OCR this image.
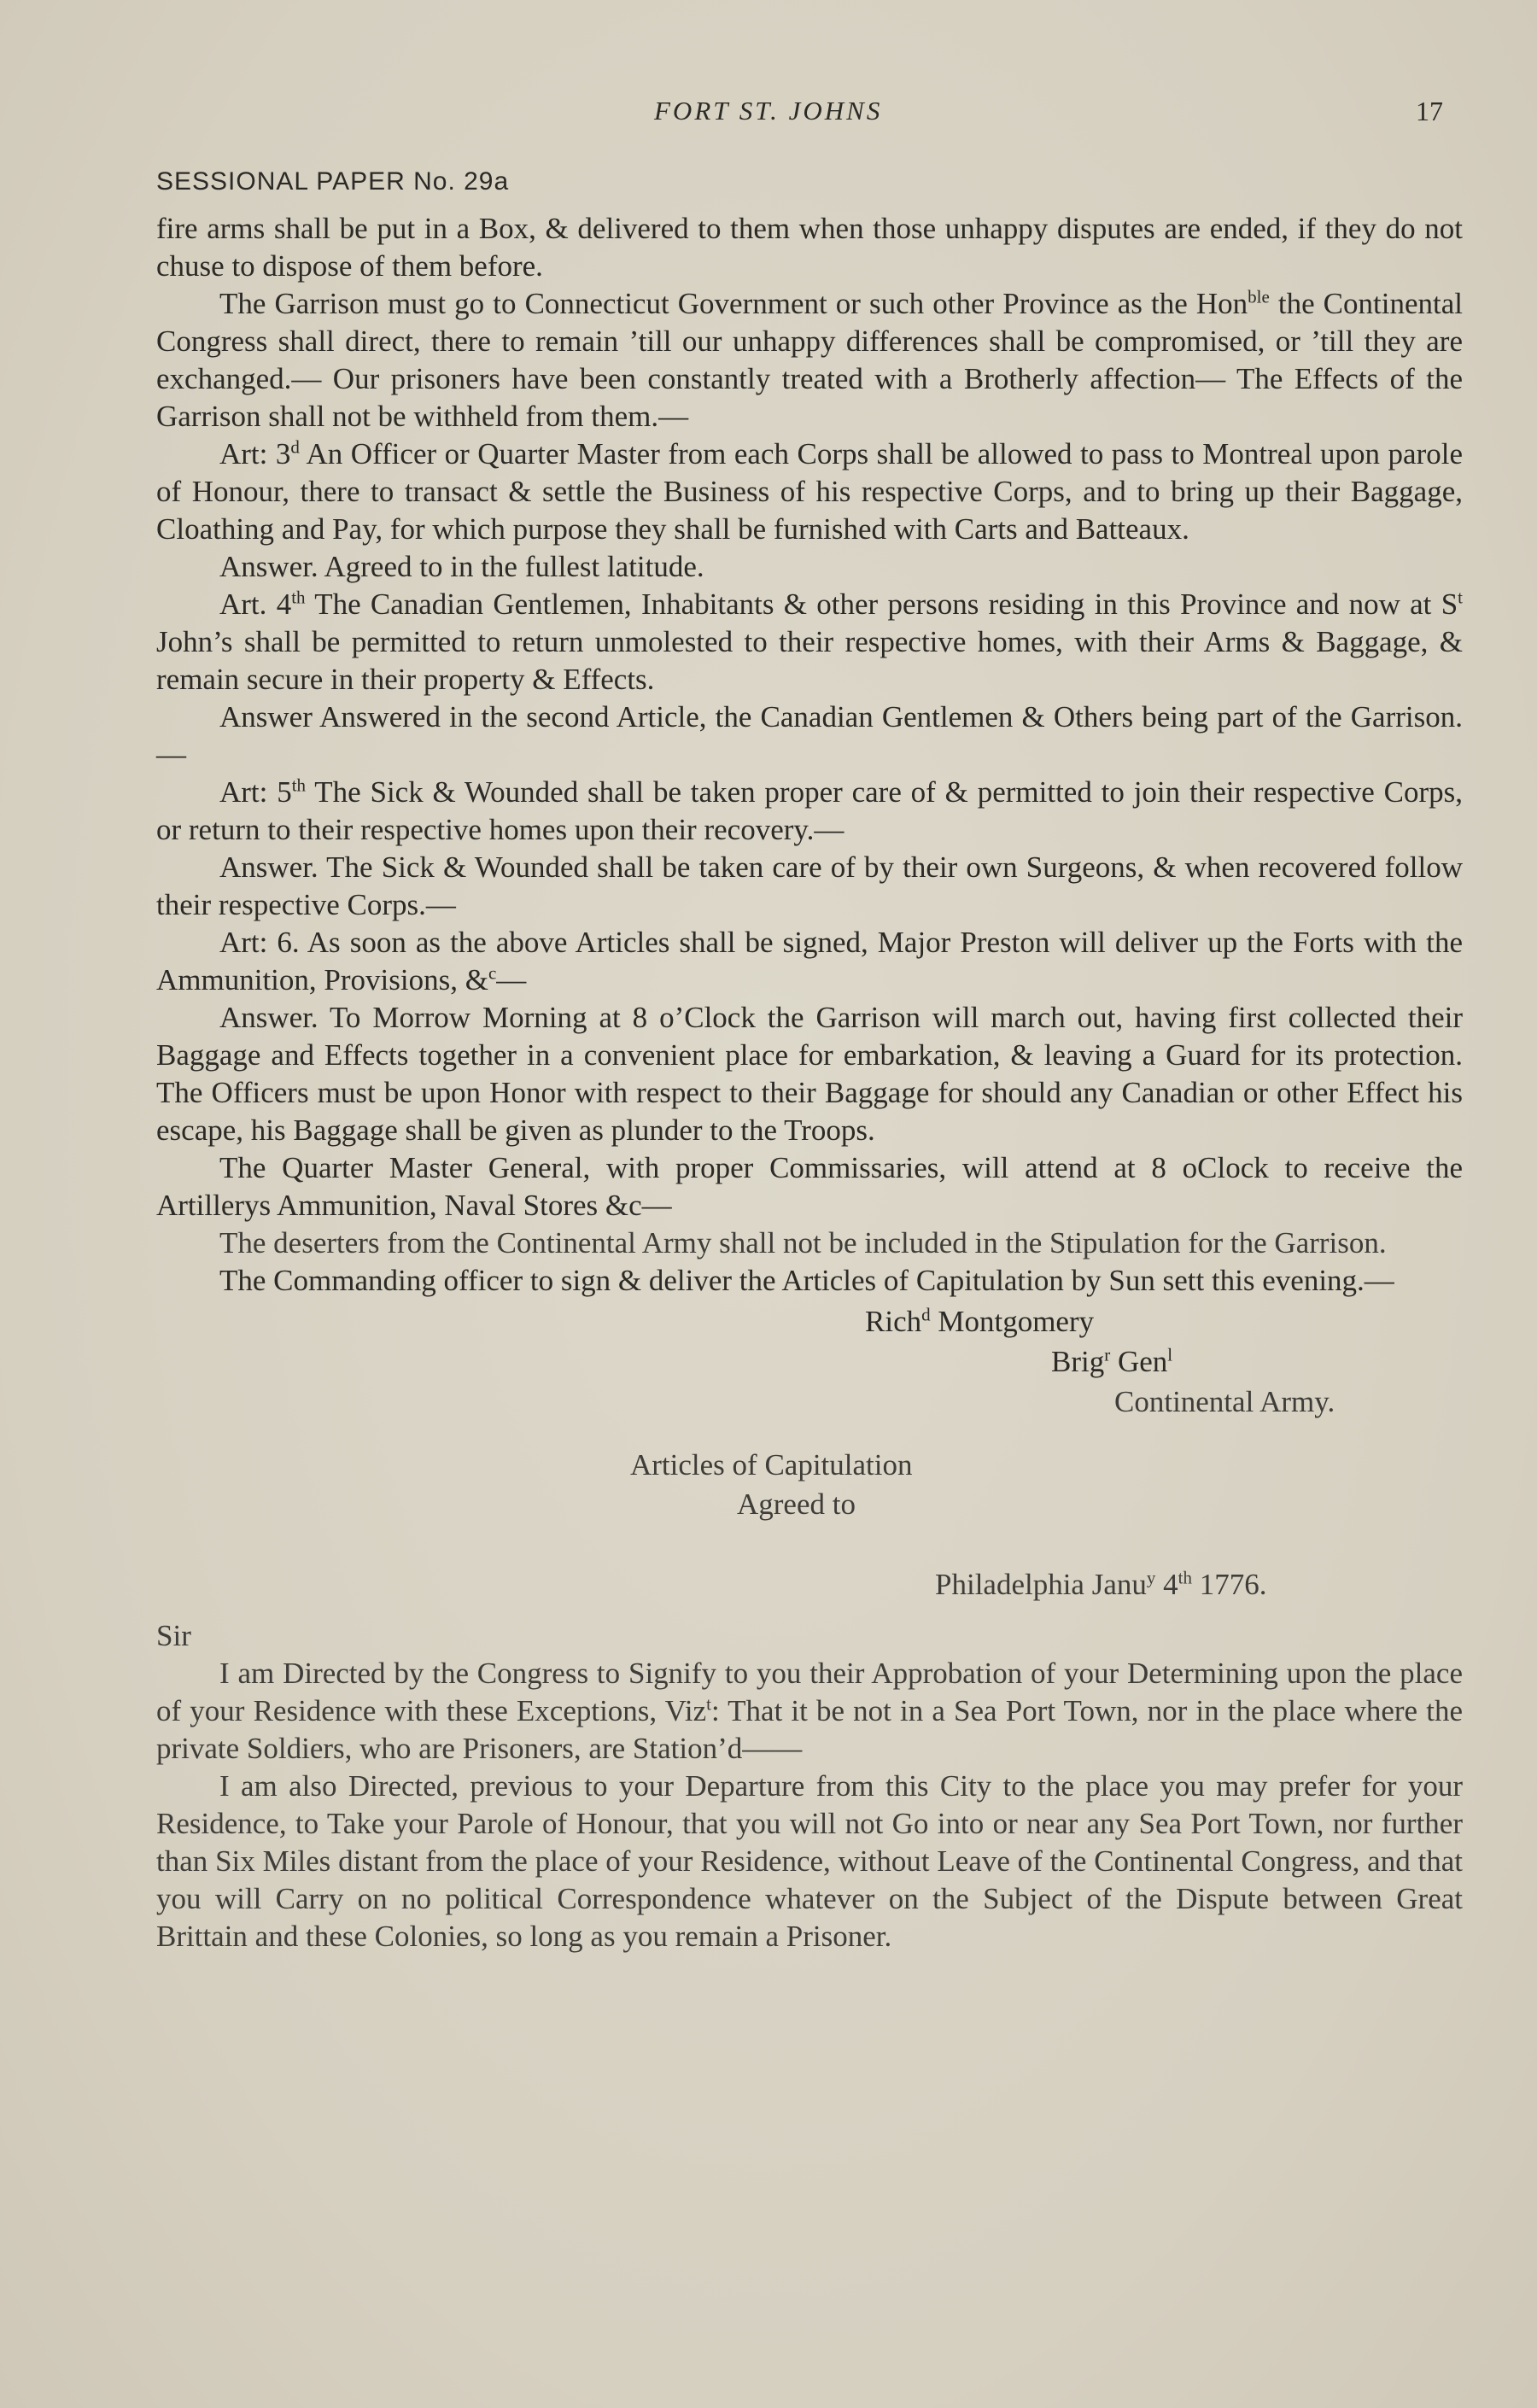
FORT ST. JOHNS	17
SESSIONAL PAPER No. 29a

fire arms shall be put in a Box, & delivered to them when those unhappy disputes are ended, if they do not chuse to dispose of them before.

The Garrison must go to Connecticut Government or such other Province as the Hon$^{ble}$ the Continental Congress shall direct, there to remain ’till our unhappy differences shall be compromised, or ’till they are exchanged.— Our prisoners have been constantly treated with a Brotherly affection— The Effects of the Garrison shall not be withheld from them.—

Art: 3$^d$ An Officer or Quarter Master from each Corps shall be allowed to pass to Montreal upon parole of Honour, there to transact & settle the Business of his respective Corps, and to bring up their Baggage, Cloathing and Pay, for which purpose they shall be furnished with Carts and Batteaux.

Answer. Agreed to in the fullest latitude.

Art. 4th The Canadian Gentlemen, Inhabitants & other persons residing in this Province and now at $S^t$ John’s shall be permitted to return unmolested to their respective homes, with their Arms & Baggage, & remain secure in their property & Effects.

Answer Answered in the second Article, the Canadian Gentlemen & Others being part of the Garrison.—

Art: 5th The Sick & Wounded shall be taken proper care of & permitted to join their respective Corps, or return to their respective homes upon their recovery.—

Answer. The Sick & Wounded shall be taken care of by their own Surgeons, & when recovered follow their respective Corps.—

Art: 6. As soon as the above Articles shall be signed, Major Preston will deliver up the Forts with the Ammunition, Provisions, &$^c$—

Answer. To Morrow Morning at 8 o’Clock the Garrison will march out, having first collected their Baggage and Effects together in a convenient place for embarkation, & leaving a Guard for its protection. The Officers must be upon Honor with respect to their Baggage for should any Canadian or other Effect his escape, his Baggage shall be given as plunder to the Troops.

The Quarter Master General, with proper Commissaries, will attend at 8 oClock to receive the Artillerys Ammunition, Naval Stores &c—

The deserters from the Continental Army shall not be included in the Stipulation for the Garrison.

The Commanding officer to sign & deliver the Articles of Capitulation by Sun sett this evening.—

Rich$^d$ Montgomery
Brig$^r$ Gen$^l$
Continental Army.
Articles of Capitulation
Agreed to
Philadelphia Janu$^y$ 4th 1776.

Sir

I am Directed by the Congress to Signify to you their Approbation of your Determining upon the place of your Residence with these Exceptions, Viz$^t$: That it be not in a Sea Port Town, nor in the place where the private Soldiers, who are Prisoners, are Station’d——

I am also Directed, previous to your Departure from this City to the place you may prefer for your Residence, to Take your Parole of Honour, that you will not Go into or near any Sea Port Town, nor further than Six Miles distant from the place of your Residence, without Leave of the Continental Congress, and that you will Carry on no political Correspondence whatever on the Subject of the Dispute between Great Brittain and these Colonies, so long as you remain a Prisoner.
